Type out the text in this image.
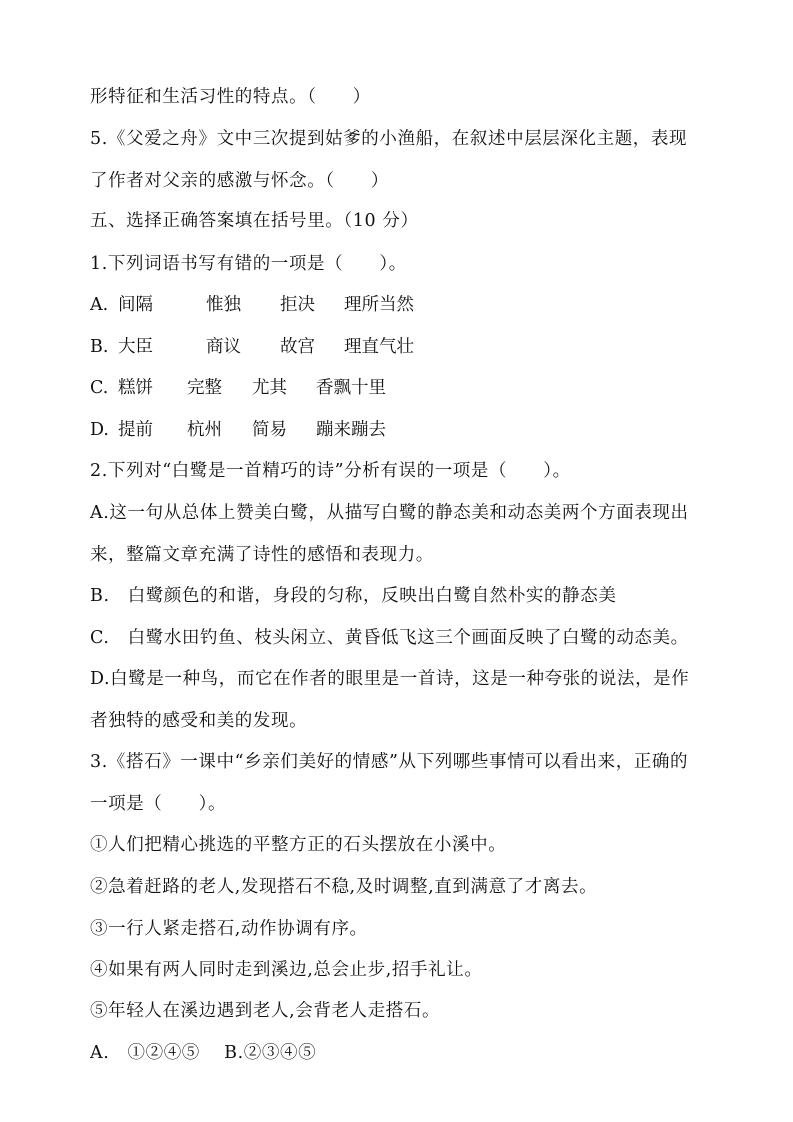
形特征和生活习性的特点。（　　）
5.《父爱之舟》文中三次提到姑爹的小渔船，在叙述中层层深化主题，表现
了作者对父亲的感激与怀念。（　　）
五、选择正确答案填在括号里。（10 分）
1.下列词语书写有错的一项是（　　）。
A. 间隔	惟独 拒决 理所当然
B. 大臣	商议 故宫 理直气壮
C. 糕饼 完整 尤其 香飘十里
D. 提前 杭州 简易 蹦来蹦去
2.下列对“白鹭是一首精巧的诗”分析有误的一项是（　　）。
A.这一句从总体上赞美白鹭，从描写白鹭的静态美和动态美两个方面表现出
来，整篇文章充满了诗性的感悟和表现力。
B.　白鹭颜色的和谐，身段的匀称，反映出白鹭自然朴实的静态美
C.　白鹭水田钓鱼、枝头闲立、黄昏低飞这三个画面反映了白鹭的动态美。
D.白鹭是一种鸟，而它在作者的眼里是一首诗，这是一种夸张的说法，是作
者独特的感受和美的发现。
3.《搭石》一课中“乡亲们美好的情感”从下列哪些事情可以看出来，正确的
一项是（　　）。
①人们把精心挑选的平整方正的石头摆放在小溪中。
②急着赶路的老人,发现搭石不稳,及时调整,直到满意了才离去。
③一行人紧走搭石,动作协调有序。
④如果有两人同时走到溪边,总会止步,招手礼让。
⑤年轻人在溪边遇到老人,会背老人走搭石。
A.　①②④⑤　 B.②③④⑤
